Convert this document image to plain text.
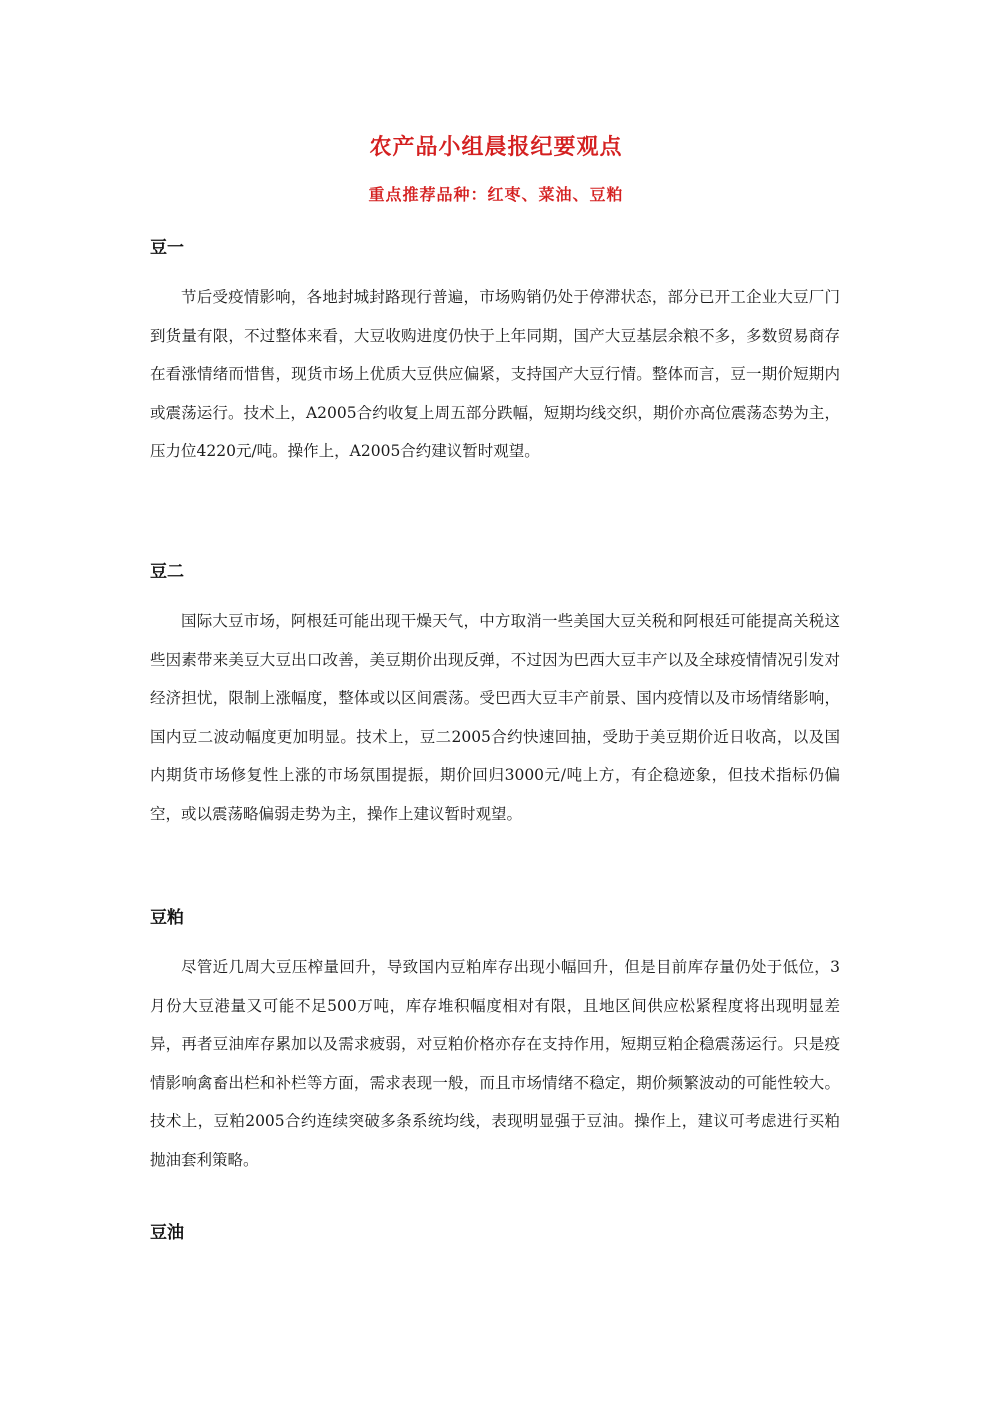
农产品小组晨报纪要观点
重点推荐品种：红枣、菜油、豆粕
豆一

节后受疫情影响，各地封城封路现行普遍，市场购销仍处于停滞状态，部分已开工企业大豆厂门到货量有限，不过整体来看，大豆收购进度仍快于上年同期，国产大豆基层余粮不多，多数贸易商存在看涨情绪而惜售，现货市场上优质大豆供应偏紧，支持国产大豆行情。整体而言，豆一期价短期内或震荡运行。技术上，A2005合约收复上周五部分跌幅，短期均线交织，期价亦高位震荡态势为主，压力位4220元/吨。操作上，A2005合约建议暂时观望。

豆二

国际大豆市场，阿根廷可能出现干燥天气，中方取消一些美国大豆关税和阿根廷可能提高关税这些因素带来美豆大豆出口改善，美豆期价出现反弹，不过因为巴西大豆丰产以及全球疫情情况引发对经济担忧，限制上涨幅度，整体或以区间震荡。受巴西大豆丰产前景、国内疫情以及市场情绪影响，国内豆二波动幅度更加明显。技术上，豆二2005合约快速回抽，受助于美豆期价近日收高，以及国内期货市场修复性上涨的市场氛围提振，期价回归3000元/吨上方，有企稳迹象，但技术指标仍偏空，或以震荡略偏弱走势为主，操作上建议暂时观望。

豆粕

尽管近几周大豆压榨量回升，导致国内豆粕库存出现小幅回升，但是目前库存量仍处于低位，3月份大豆港量又可能不足500万吨，库存堆积幅度相对有限，且地区间供应松紧程度将出现明显差异，再者豆油库存累加以及需求疲弱，对豆粕价格亦存在支持作用，短期豆粕企稳震荡运行。只是疫情影响禽畜出栏和补栏等方面，需求表现一般，而且市场情绪不稳定，期价频繁波动的可能性较大。技术上，豆粕2005合约连续突破多条系统均线，表现明显强于豆油。操作上，建议可考虑进行买粕抛油套利策略。

豆油
